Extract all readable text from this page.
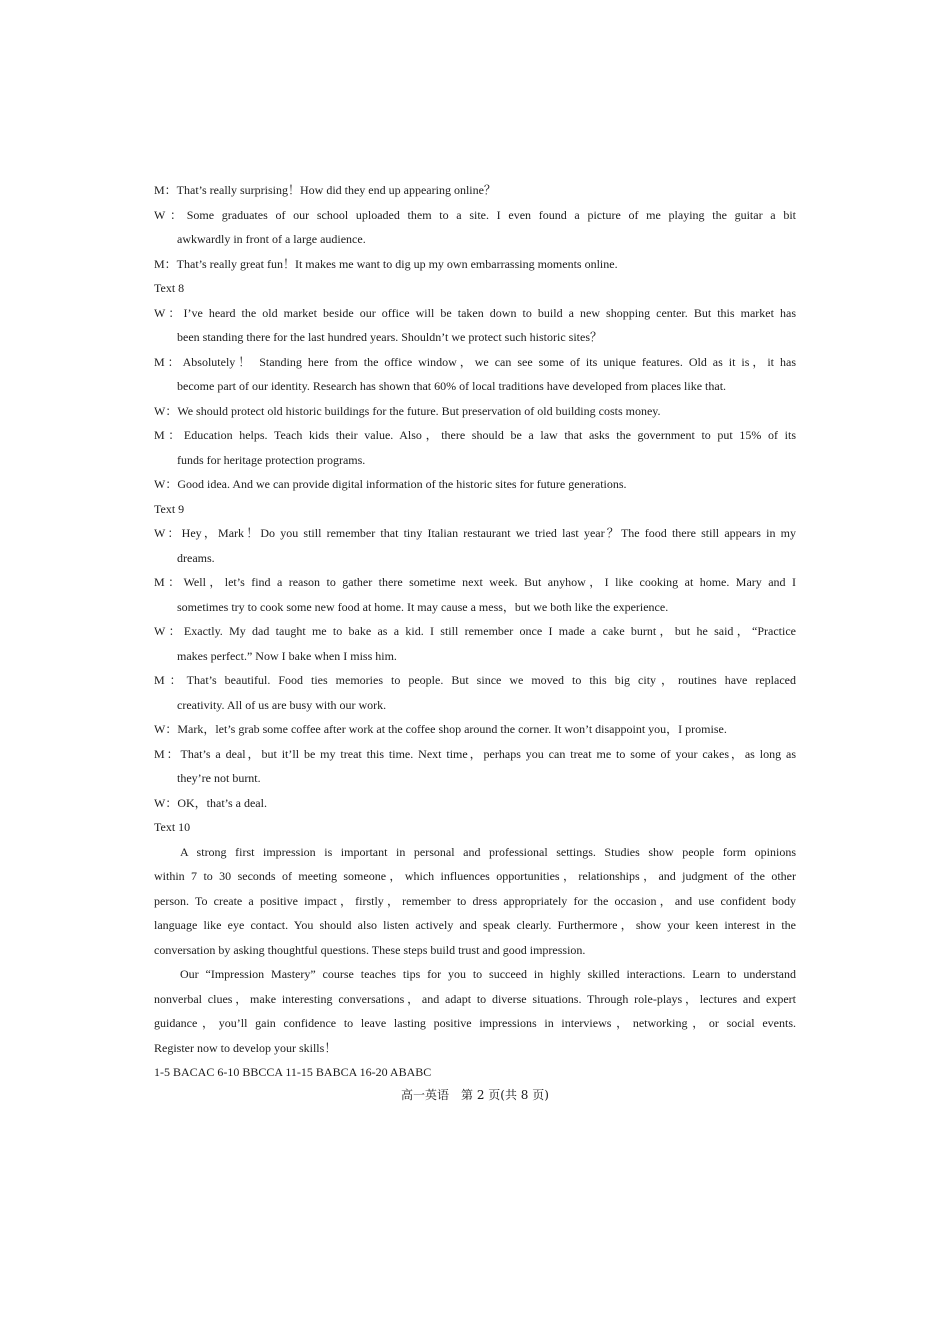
M：That’s really surprising！How did they end up appearing online？
W：Some graduates of our school uploaded them to a site. I even found a picture of me playing the guitar a bit
awkwardly in front of a large audience.
M：That’s really great fun！It makes me want to dig up my own embarrassing moments online.
Text 8
W：I’ve heard the old market beside our office will be taken down to build a new shopping center. But this market has
been standing there for the last hundred years. Shouldn’t we protect such historic sites？
M：Absolutely！ Standing here from the office window，we can see some of its unique features. Old as it is，it has
become part of our identity. Research has shown that 60% of local traditions have developed from places like that.
W：We should protect old historic buildings for the future. But preservation of old building costs money.
M：Education helps. Teach kids their value. Also，there should be a law that asks the government to put 15% of its
funds for heritage protection programs.
W：Good idea. And we can provide digital information of the historic sites for future generations.
Text 9
W：Hey，Mark！Do you still remember that tiny Italian restaurant we tried last year？The food there still appears in my
dreams.
M：Well，let’s find a reason to gather there sometime next week. But anyhow，I like cooking at home. Mary and I
sometimes try to cook some new food at home. It may cause a mess，but we both like the experience.
W：Exactly. My dad taught me to bake as a kid. I still remember once I made a cake burnt，but he said，“Practice
makes perfect.” Now I bake when I miss him.
M：That’s beautiful. Food ties memories to people. But since we moved to this big city，routines have replaced
creativity. All of us are busy with our work.
W：Mark，let’s grab some coffee after work at the coffee shop around the corner. It won’t disappoint you，I promise.
M：That’s a deal，but it’ll be my treat this time. Next time，perhaps you can treat me to some of your cakes，as long as
they’re not burnt.
W：OK，that’s a deal.
Text 10
A strong first impression is important in personal and professional settings. Studies show people form opinions
within 7 to 30 seconds of meeting someone，which influences opportunities，relationships，and judgment of the other
person. To create a positive impact，firstly，remember to dress appropriately for the occasion，and use confident body
language like eye contact. You should also listen actively and speak clearly. Furthermore，show your keen interest in the
conversation by asking thoughtful questions. These steps build trust and good impression.
Our “Impression Mastery” course teaches tips for you to succeed in highly skilled interactions. Learn to understand
nonverbal clues，make interesting conversations，and adapt to diverse situations. Through role-plays，lectures and expert
guidance，you’ll gain confidence to leave lasting positive impressions in interviews，networking，or social events.
Register now to develop your skills！
1-5 BACAC 6-10 BBCCA 11-15 BABCA 16-20 ABABC
高一英语　第 2 页(共 8 页)
